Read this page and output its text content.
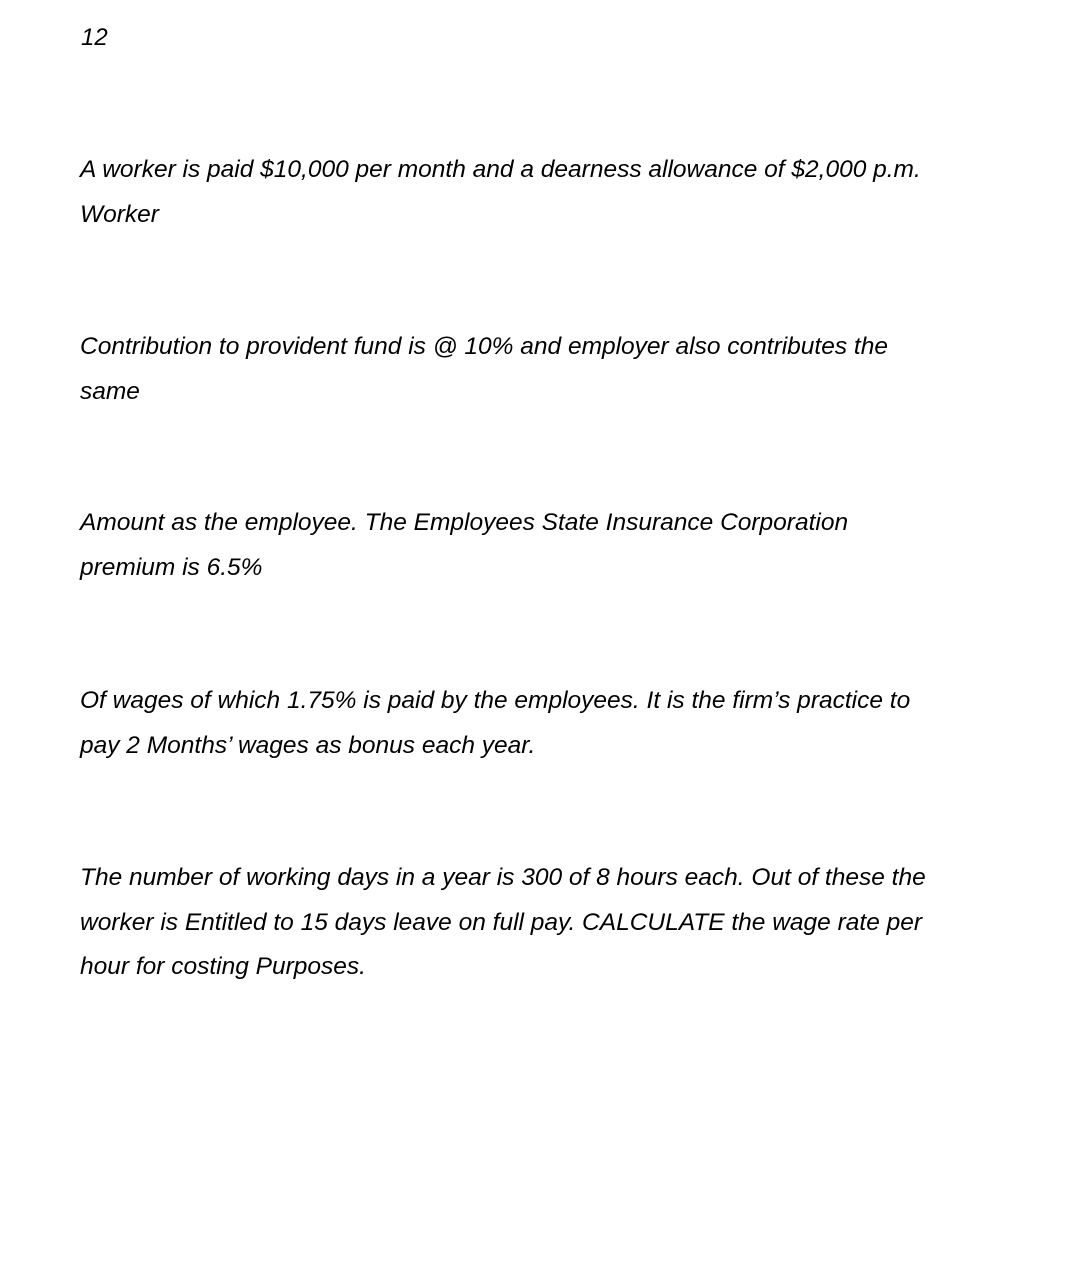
12

A worker is paid $10,000 per month and a dearness allowance of $2,000 p.m.
Worker

Contribution to provident fund is @ 10% and employer also contributes the
same

Amount as the employee. The Employees State Insurance Corporation
premium is 6.5%

Of wages of which 1.75% is paid by the employees. It is the firm’s practice to
pay 2 Months’ wages as bonus each year.

The number of working days in a year is 300 of 8 hours each. Out of these the
worker is Entitled to 15 days leave on full pay. CALCULATE the wage rate per
hour for costing Purposes.
